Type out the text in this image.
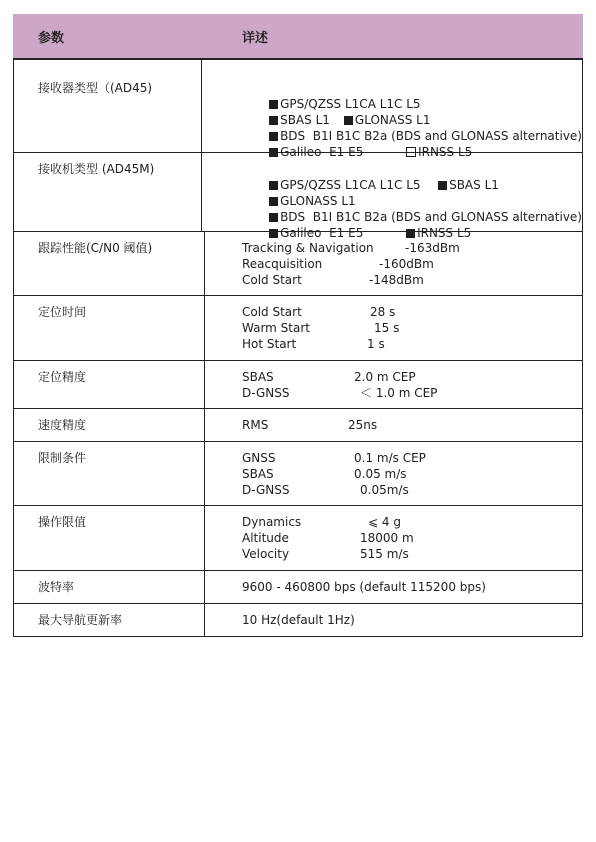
参数	详述
接收器类型（(AD45)

GPS/QZSS L1CA L1C L5

SBAS L1 GLONASS L1

BDS  B1I B1C B2a (BDS and GLONASS alternative)

Galileo  E1 E5	IRNSS L5

接收机类型 (AD45M)

GPS/QZSS L1CA L1C L5 SBAS L1

GLONASS L1

BDS  B1I B1C B2a (BDS and GLONASS alternative)

Galileo  E1 E5	IRNSS L5

跟踪性能(C/N0 阈值)	Tracking & Navigation	-163dBm
Reacquisition	-160dBm
Cold Start	-148dBm
定位时间	Cold Start	28 s
Warm Start	15 s
Hot Start	1 s
定位精度	SBAS	2.0 m CEP
D-GNSS	＜ 1.0 m CEP
速度精度	RMS	25ns
限制条件	GNSS	0.1 m/s CEP
SBAS	0.05 m/s
D-GNSS	0.05m/s
操作限值	Dynamics	⩽ 4 g
Altitude	18000 m
Velocity	515 m/s
波特率	9600 - 460800 bps (default 115200 bps)
最大导航更新率	10 Hz(default 1Hz)
